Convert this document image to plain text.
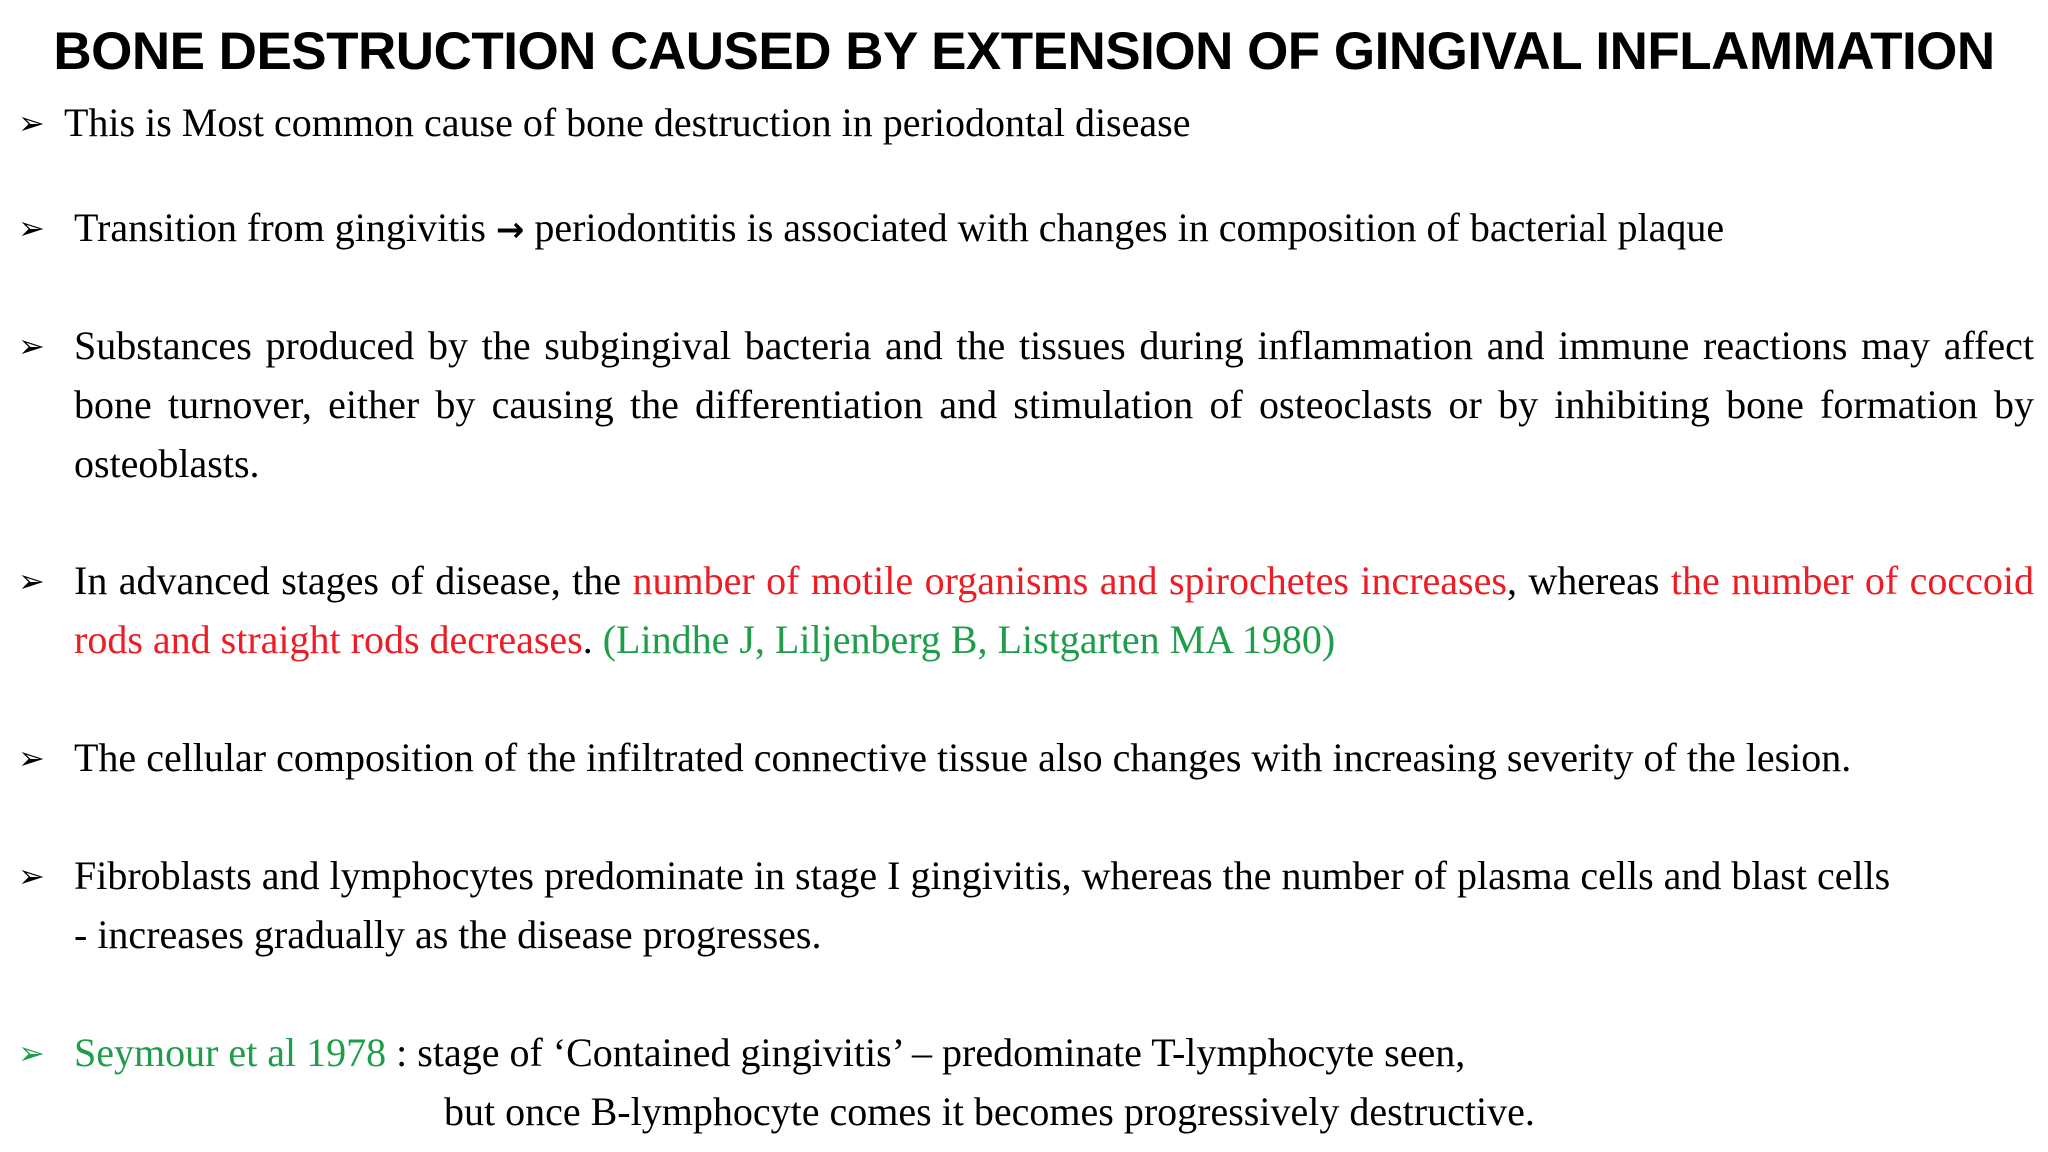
BONE DESTRUCTION CAUSED BY EXTENSION OF GINGIVAL INFLAMMATION
➢ This is Most common cause of bone destruction in periodontal disease
➢ Transition from gingivitis → periodontitis is associated with changes in composition of bacterial plaque
➢ Substances produced by the subgingival bacteria and the tissues during inflammation and immune reactions may affect bone turnover, either by causing the differentiation and stimulation of osteoclasts or by inhibiting bone formation by osteoblasts.
➢ In advanced stages of disease, the number of motile organisms and spirochetes increases, whereas the number of coccoid rods and straight rods decreases. (Lindhe J, Liljenberg B, Listgarten MA 1980)
➢ The cellular composition of the infiltrated connective tissue also changes with increasing severity of the lesion.
➢ Fibroblasts and lymphocytes predominate in stage I gingivitis, whereas the number of plasma cells and blast cells
- increases gradually as the disease progresses.
➢ Seymour et al 1978 : stage of ‘Contained gingivitis’ – predominate T-lymphocyte seen,
but once B-lymphocyte comes it becomes progressively destructive.
